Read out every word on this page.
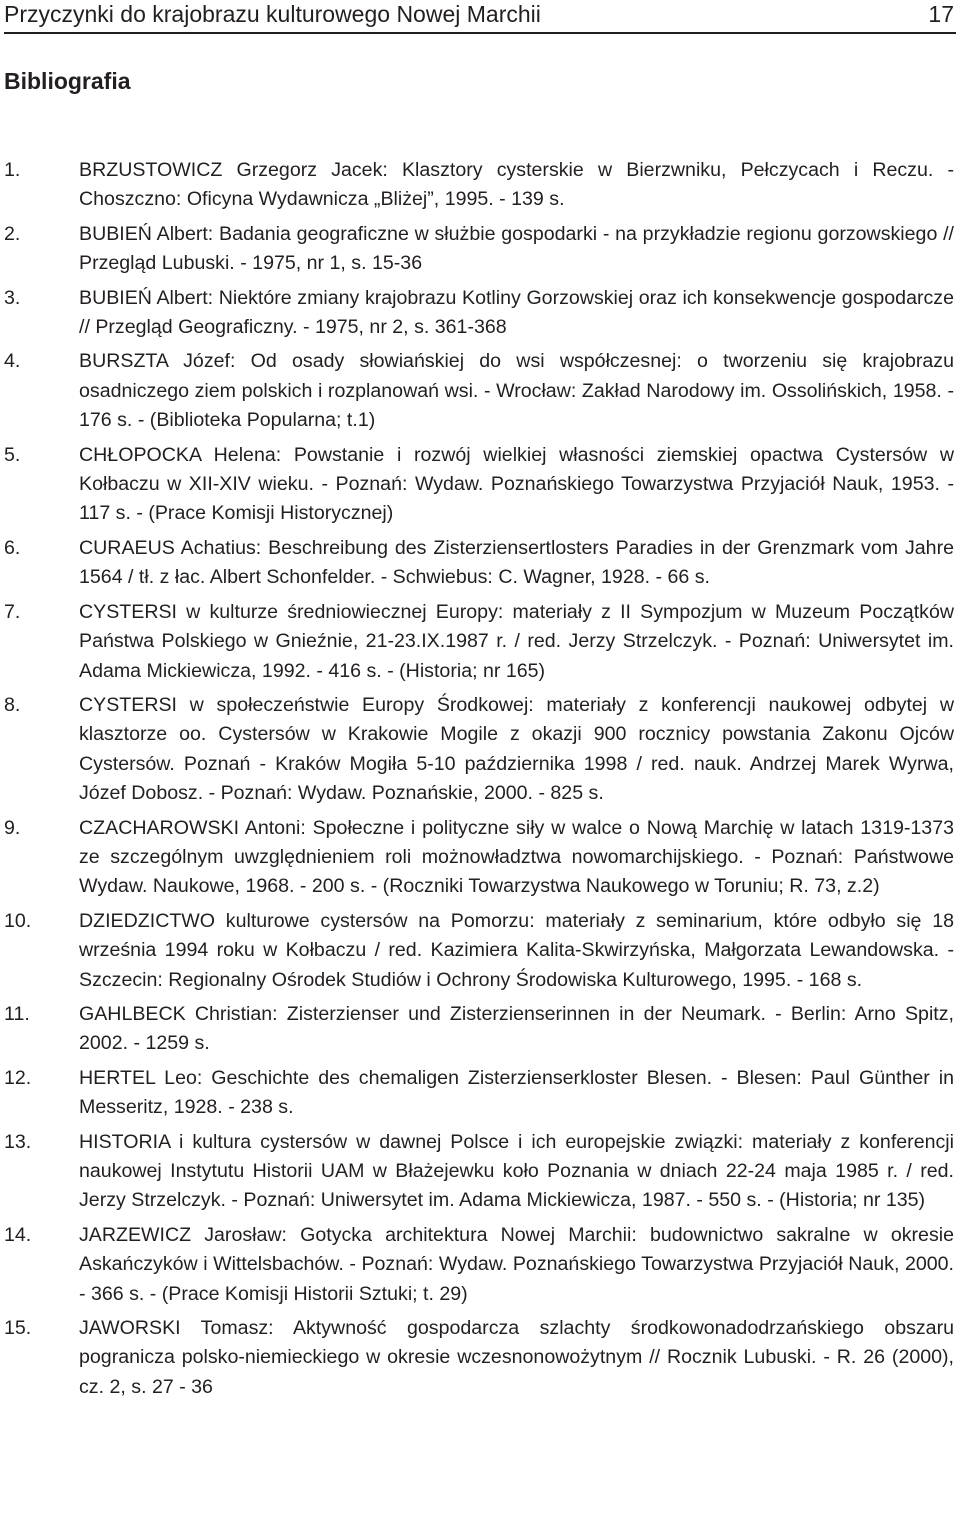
Przyczynki do krajobrazu kulturowego Nowej Marchii	17
Bibliografia
1.	BRZUSTOWICZ Grzegorz Jacek: Klasztory cysterskie w Bierzwniku, Pełczycach i Reczu. - Choszczno: Oficyna Wydawnicza „Bliżej”, 1995. - 139 s.
2.	BUBIEŃ Albert: Badania geograficzne w służbie gospodarki - na przykładzie regionu gorzowskiego // Przegląd Lubuski. - 1975, nr 1, s. 15-36
3.	BUBIEŃ Albert: Niektóre zmiany krajobrazu Kotliny Gorzowskiej oraz ich konsekwencje gospodarcze // Przegląd Geograficzny. - 1975, nr 2, s. 361-368
4.	BURSZTA Józef: Od osady słowiańskiej do wsi współczesnej: o tworzeniu się krajobrazu osadniczego ziem polskich i rozplanowań wsi. - Wrocław: Zakład Narodowy im. Ossolińskich, 1958. - 176 s. - (Biblioteka Popularna; t.1)
5.	CHŁOPOCKA Helena: Powstanie i rozwój wielkiej własności ziemskiej opactwa Cystersów w Kołbaczu w XII-XIV wieku. - Poznań: Wydaw. Poznańskiego Towarzystwa Przyjaciół Nauk, 1953. - 117 s. - (Prace Komisji Historycznej)
6.	CURAEUS Achatius: Beschreibung des Zisterziensertlosters Paradies in der Grenzmark vom Jahre 1564 / tł. z łac. Albert Schonfelder. - Schwiebus: C. Wagner, 1928. - 66 s.
7.	CYSTERSI w kulturze średniowiecznej Europy: materiały z II Sympozjum w Muzeum Początków Państwa Polskiego w Gnieźnie, 21-23.IX.1987 r. / red. Jerzy Strzelczyk. - Poznań: Uniwersytet im. Adama Mickiewicza, 1992. - 416 s. - (Historia; nr 165)
8.	CYSTERSI w społeczeństwie Europy Środkowej: materiały z konferencji naukowej odbytej w klasztorze oo. Cystersów w Krakowie Mogile z okazji 900 rocznicy powstania Zakonu Ojców Cystersów. Poznań - Kraków Mogiła 5-10 października 1998 / red. nauk. Andrzej Marek Wyrwa, Józef Dobosz. - Poznań: Wydaw. Poznańskie, 2000. - 825 s.
9.	CZACHAROWSKI Antoni: Społeczne i polityczne siły w walce o Nową Marchię w latach 1319-1373 ze szczególnym uwzględnieniem roli możnowładztwa nowomarchijskiego. - Poznań: Państwowe Wydaw. Naukowe, 1968. - 200 s. - (Roczniki Towarzystwa Naukowego w Toruniu; R. 73, z.2)
10. DZIEDZICTWO kulturowe cystersów na Pomorzu: materiały z seminarium, które odbyło się 18 września 1994 roku w Kołbaczu / red. Kazimiera Kalita-Skwirzyńska, Małgorzata Lewandowska. - Szczecin: Regionalny Ośrodek Studiów i Ochrony Środowiska Kulturowego, 1995. - 168 s.
11.	GAHLBECK Christian: Zisterzienser und Zisterzienserinnen in der Neumark. - Berlin: Arno Spitz, 2002. - 1259 s.
12. HERTEL Leo: Geschichte des chemaligen Zisterzienserkloster Blesen. - Blesen: Paul Günther in Messeritz, 1928. - 238 s.
13. HISTORIA i kultura cystersów w dawnej Polsce i ich europejskie związki: materiały z konferencji naukowej Instytutu Historii UAM w Błażejewku koło Poznania w dniach 22-24 maja 1985 r. / red. Jerzy Strzelczyk. - Poznań: Uniwersytet im. Adama Mickiewicza, 1987. - 550 s. - (Historia; nr 135)
14. JARZEWICZ Jarosław: Gotycka architektura Nowej Marchii: budownictwo sakralne w okresie Askańczyków i Wittelsbachów. - Poznań: Wydaw. Poznańskiego Towarzystwa Przyjaciół Nauk, 2000. - 366 s. - (Prace Komisji Historii Sztuki; t. 29)
15. JAWORSKI Tomasz: Aktywność gospodarcza szlachty środkowonadodrzańskiego obszaru pogranicza polsko-niemieckiego w okresie wczesnonowożytnym // Rocznik Lubuski. - R. 26 (2000), cz. 2, s. 27 - 36
